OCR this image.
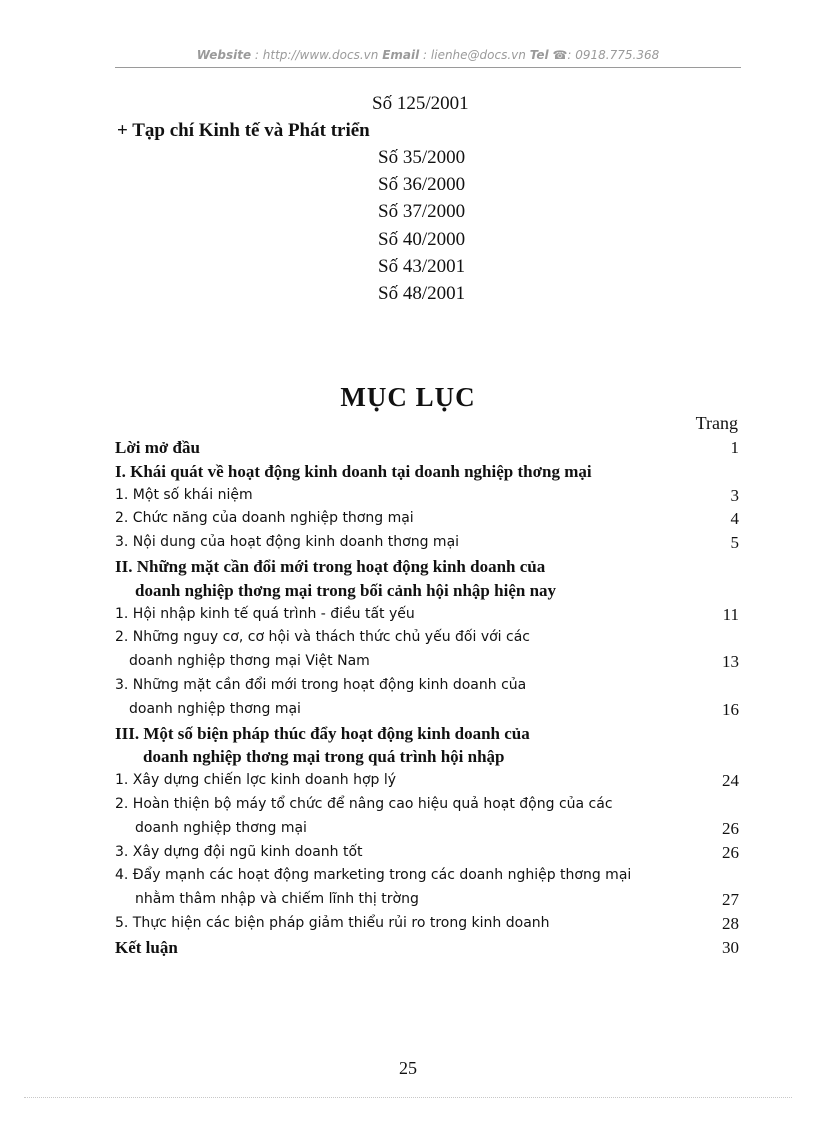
Website : http://www.docs.vn Email : lienhe@docs.vn Tel ☎: 0918.775.368
Số 125/2001
+ Tạp chí Kinh tế và Phát triển
Số 35/2000
Số 36/2000
Số 37/2000
Số 40/2000
Số 43/2001
Số 48/2001
MỤC LỤC
Trang
Lời mở đầu	1
I. Khái quát về hoạt động kinh doanh tại doanh nghiệp thơng mại
1. Một số khái niệm	3
2. Chức năng của doanh nghiệp thơng mại	4
3. Nội dung của hoạt động kinh doanh thơng mại	5
II. Những mặt cần đổi mới trong hoạt động kinh doanh của
doanh nghiệp thơng mại trong bối cảnh hội nhập hiện nay
1. Hội nhập kinh tế quá trình - điều tất yếu	11
2. Những nguy cơ, cơ hội và thách thức chủ yếu đối với các
doanh nghiệp thơng mại Việt Nam	13
3. Những mặt cần đổi mới trong hoạt động kinh doanh của
doanh nghiệp thơng mại	16
III. Một số biện pháp thúc đẩy hoạt động kinh doanh của
doanh nghiệp thơng mại trong quá trình hội nhập
1. Xây dựng chiến lợc kinh doanh hợp lý	24
2. Hoàn thiện bộ máy tổ chức để nâng cao hiệu quả hoạt động của các
doanh nghiệp thơng mại	26
3. Xây dựng đội ngũ kinh doanh tốt	26
4. Đẩy mạnh các hoạt động marketing trong các doanh nghiệp thơng mại
nhằm thâm nhập và chiếm lĩnh thị trờng	27
5. Thực hiện các biện pháp giảm thiểu rủi ro trong kinh doanh	28
Kết luận	30
25
